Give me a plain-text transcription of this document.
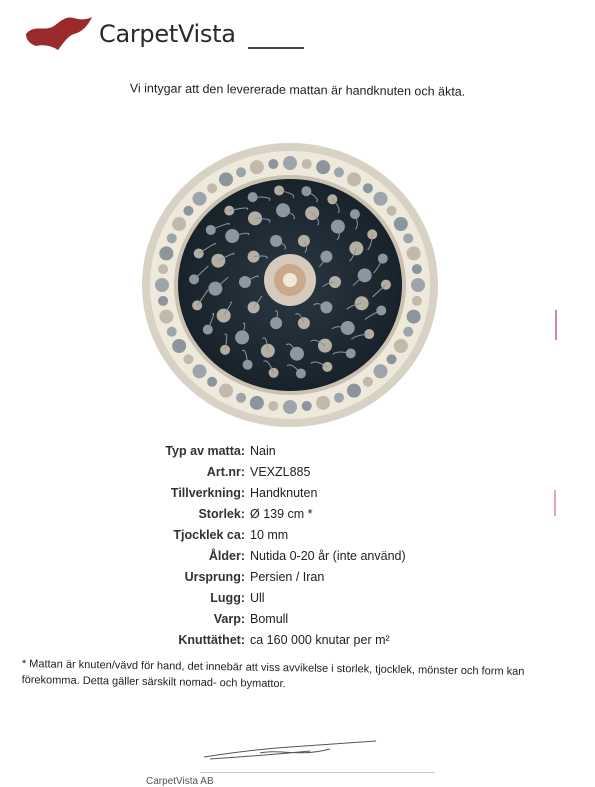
CarpetVista
Vi intygar att den levererade mattan är handknuten och äkta.
Typ av matta: Nain
Art.nr: VEXZL885
Tillverkning: Handknuten
Storlek: Ø 139 cm *
Tjocklek ca: 10 mm
Ålder: Nutida 0-20 år (inte använd)
Ursprung: Persien / Iran
Lugg: Ull
Varp: Bomull
Knuttäthet: ca 160 000 knutar per m²
* Mattan är knuten/vävd för hand, det innebär att viss avvikelse i storlek, tjocklek, mönster och form kan förekomma. Detta gäller särskilt nomad- och bymattor.
CarpetVista AB
